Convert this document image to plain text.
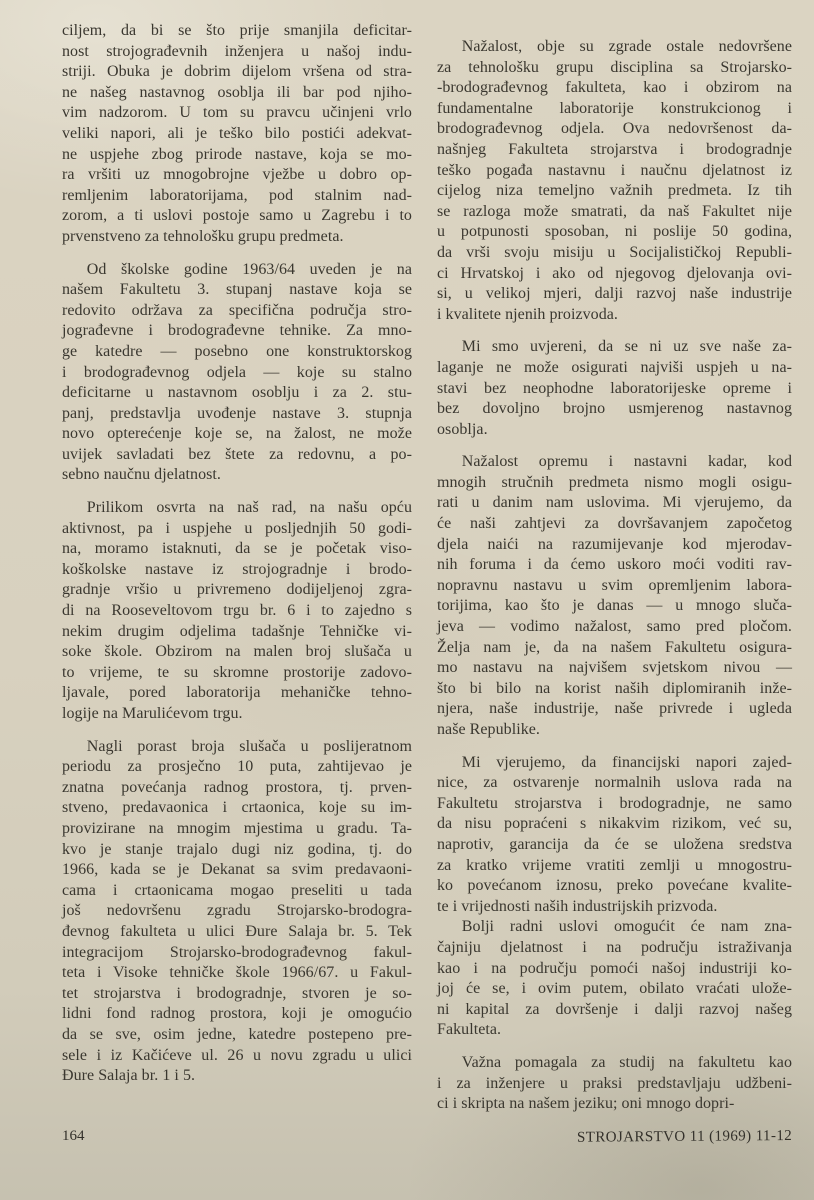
ciljem, da bi se što prije smanjila deficitar-
nost strojograđevnih inženjera u našoj indu-
striji. Obuka je dobrim dijelom vršena od stra-
ne našeg nastavnog osoblja ili bar pod njiho-
vim nadzorom. U tom su pravcu učinjeni vrlo
veliki napori, ali je teško bilo postići adekvat-
ne uspjehe zbog prirode nastave, koja se mo-
ra vršiti uz mnogobrojne vježbe u dobro op-
remljenim laboratorijama, pod stalnim nad-
zorom, a ti uslovi postoje samo u Zagrebu i to
prvenstveno za tehnološku grupu predmeta.
Od školske godine 1963/64 uveden je na
našem Fakultetu 3. stupanj nastave koja se
redovito održava za specifična područja stro-
jograđevne i brodograđevne tehnike. Za mno-
ge katedre — posebno one konstruktorskog
i brodograđevnog odjela — koje su stalno
deficitarne u nastavnom osoblju i za 2. stu-
panj, predstavlja uvođenje nastave 3. stupnja
novo opterećenje koje se, na žalost, ne može
uvijek savladati bez štete za redovnu, a po-
sebno naučnu djelatnost.
Prilikom osvrta na naš rad, na našu opću
aktivnost, pa i uspjehe u posljednjih 50 godi-
na, moramo istaknuti, da se je početak viso-
koškolske nastave iz strojogradnje i brodo-
gradnje vršio u privremeno dodijeljenoj zgra-
di na Rooseveltovom trgu br. 6 i to zajedno s
nekim drugim odjelima tadašnje Tehničke vi-
soke škole. Obzirom na malen broj slušača u
to vrijeme, te su skromne prostorije zadovo-
ljavale, pored laboratorija mehaničke tehno-
logije na Marulićevom trgu.
Nagli porast broja slušača u poslijeratnom
periodu za prosječno 10 puta, zahtijevao je
znatna povećanja radnog prostora, tj. prven-
stveno, predavaonica i crtaonica, koje su im-
provizirane na mnogim mjestima u gradu. Ta-
kvo je stanje trajalo dugi niz godina, tj. do
1966, kada se je Dekanat sa svim predavaoni-
cama i crtaonicama mogao preseliti u tada
još nedovršenu zgradu Strojarsko-brodogra-
đevnog fakulteta u ulici Đure Salaja br. 5. Tek
integracijom Strojarsko-brodograđevnog fakul-
teta i Visoke tehničke škole 1966/67. u Fakul-
tet strojarstva i brodogradnje, stvoren je so-
lidni fond radnog prostora, koji je omogućio
da se sve, osim jedne, katedre postepeno pre-
sele i iz Kačićeve ul. 26 u novu zgradu u ulici
Đure Salaja br. 1 i 5.
Nažalost, obje su zgrade ostale nedovršene
za tehnološku grupu disciplina sa Strojarsko-
-brodograđevnog fakulteta, kao i obzirom na
fundamentalne laboratorije konstrukcionog i
brodograđevnog odjela. Ova nedovršenost da-
našnjeg Fakulteta strojarstva i brodogradnje
teško pogađa nastavnu i naučnu djelatnost iz
cijelog niza temeljno važnih predmeta. Iz tih
se razloga može smatrati, da naš Fakultet nije
u potpunosti sposoban, ni poslije 50 godina,
da vrši svoju misiju u Socijalističkoj Republi-
ci Hrvatskoj i ako od njegovog djelovanja ovi-
si, u velikoj mjeri, dalji razvoj naše industrije
i kvalitete njenih proizvoda.
Mi smo uvjereni, da se ni uz sve naše za-
laganje ne može osigurati najviši uspjeh u na-
stavi bez neophodne laboratorijeske opreme i
bez dovoljno brojno usmjerenog nastavnog
osoblja.
Nažalost opremu i nastavni kadar, kod
mnogih stručnih predmeta nismo mogli osigu-
rati u danim nam uslovima. Mi vjerujemo, da
će naši zahtjevi za dovršavanjem započetog
djela naići na razumijevanje kod mjerodav-
nih foruma i da ćemo uskoro moći voditi rav-
nopravnu nastavu u svim opremljenim labora-
torijima, kao što je danas — u mnogo sluča-
jeva — vodimo nažalost, samo pred pločom.
Želja nam je, da na našem Fakultetu osigura-
mo nastavu na najvišem svjetskom nivou —
što bi bilo na korist naših diplomiranih inže-
njera, naše industrije, naše privrede i ugleda
naše Republike.
Mi vjerujemo, da financijski napori zajed-
nice, za ostvarenje normalnih uslova rada na
Fakultetu strojarstva i brodogradnje, ne samo
da nisu popraćeni s nikakvim rizikom, već su,
naprotiv, garancija da će se uložena sredstva
za kratko vrijeme vratiti zemlji u mnogostru-
ko povećanom iznosu, preko povećane kvalite-
te i vrijednosti naših industrijskih prizvoda.
Bolji radni uslovi omogućit će nam zna-
čajniju djelatnost i na području istraživanja
kao i na području pomoći našoj industriji ko-
joj će se, i ovim putem, obilato vraćati ulože-
ni kapital za dovršenje i dalji razvoj našeg
Fakulteta.
Važna pomagala za studij na fakultetu kao
i za inženjere u praksi predstavljaju udžbeni-
ci i skripta na našem jeziku; oni mnogo dopri-
164	STROJARSTVO 11 (1969) 11-12
